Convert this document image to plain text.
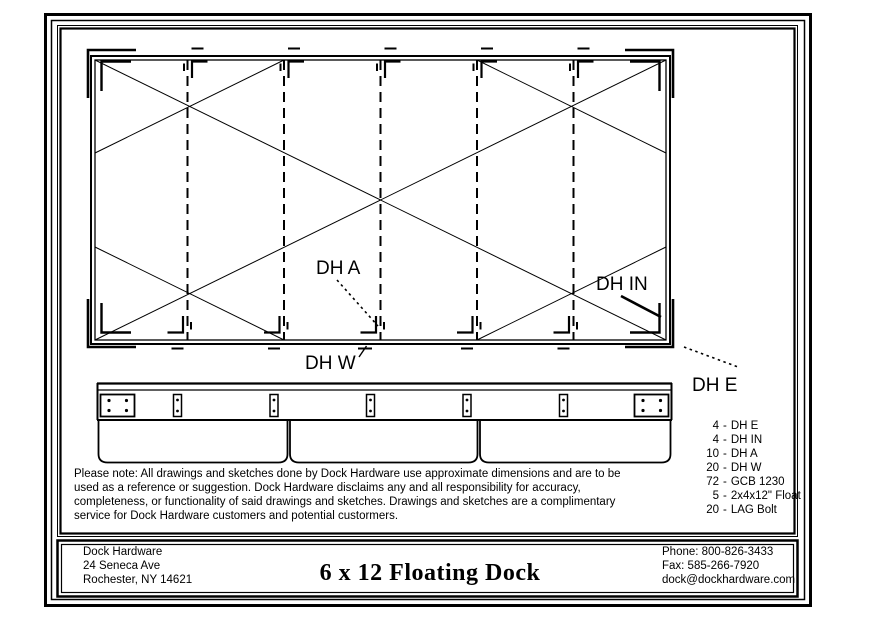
DH A
DH IN
DH W
DH E
4 - DH E
4 - DH IN
10 - DH A
20 - DH W
72 - GCB 1230
5 - 2x4x12" Float
20 - LAG Bolt
Please note: All drawings and sketches done by Dock Hardware use approximate dimensions and are to be
used as a reference or suggestion. Dock Hardware disclaims any and all responsibility for accuracy,
completeness, or functionality of said drawings and sketches. Drawings and sketches are a complimentary
service for Dock Hardware customers and potential custormers.
Dock Hardware
24 Seneca Ave
Rochester, NY 14621	6 x 12 Floating Dock
Phone: 800-826-3433
Fax: 585-266-7920
dock@dockhardware.com
